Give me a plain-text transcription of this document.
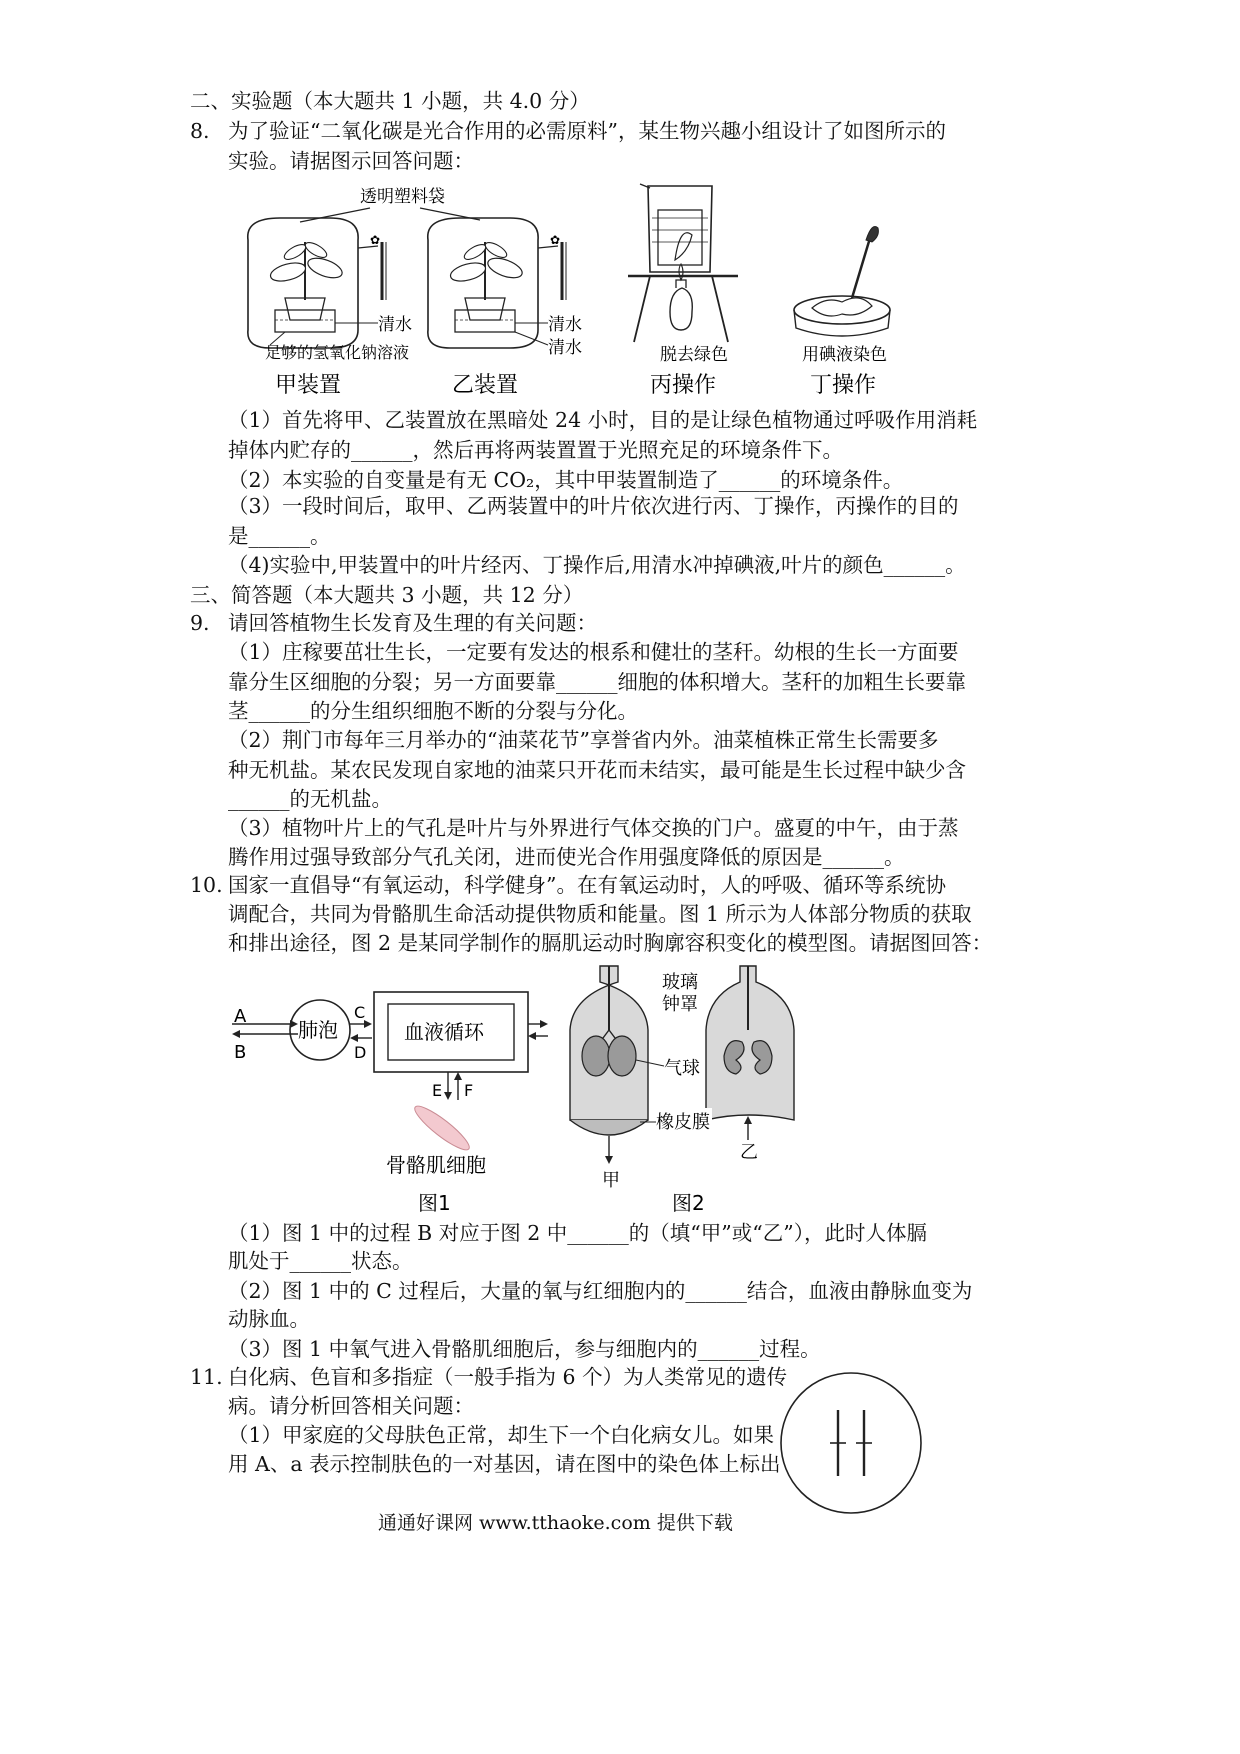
二、实验题（本大题共 1 小题，共 4.0 分）
8. 为了验证“二氧化碳是光合作用的必需原料”，某生物兴趣小组设计了如图所示的
实验。请据图示回答问题：
透明塑料袋
✿
清水
足够的氢氧化钠溶液
✿
清水
清水	脱去绿色	用碘液染色
甲装置	乙装置	丙操作	丁操作
（1）首先将甲、乙装置放在黑暗处 24 小时，目的是让绿色植物通过呼吸作用消耗
掉体内贮存的______，然后再将两装置置于光照充足的环境条件下。
（2）本实验的自变量是有无 CO₂，其中甲装置制造了______的环境条件。
（3）一段时间后，取甲、乙两装置中的叶片依次进行丙、丁操作，丙操作的目的
是______。
（4)实验中,甲装置中的叶片经丙、丁操作后,用清水冲掉碘液,叶片的颜色______。
三、简答题（本大题共 3 小题，共 12 分）
9. 请回答植物生长发育及生理的有关问题：
（1）庄稼要茁壮生长，一定要有发达的根系和健壮的茎秆。幼根的生长一方面要
靠分生区细胞的分裂；另一方面要靠______细胞的体积增大。茎秆的加粗生长要靠
茎______的分生组织细胞不断的分裂与分化。
（2）荆门市每年三月举办的“油菜花节”享誉省内外。油菜植株正常生长需要多
种无机盐。某农民发现自家地的油菜只开花而未结实，最可能是生长过程中缺少含
______的无机盐。
（3）植物叶片上的气孔是叶片与外界进行气体交换的门户。盛夏的中午，由于蒸
腾作用过强导致部分气孔关闭，进而使光合作用强度降低的原因是______。
10. 国家一直倡导“有氧运动，科学健身”。在有氧运动时，人的呼吸、循环等系统协
调配合，共同为骨骼肌生命活动提供物质和能量。图 1 所示为人体部分物质的获取
和排出途径，图 2 是某同学制作的膈肌运动时胸廓容积变化的模型图。请据图回答：
A
B
肺泡
C
D
血液循环
E F
骨骼肌细胞
图1
玻璃
钟罩
气球
橡皮膜
甲
乙
图2
（1）图 1 中的过程 B 对应于图 2 中______的（填“甲”或“乙”），此时人体膈
肌处于______状态。
（2）图 1 中的 C 过程后，大量的氧与红细胞内的______结合，血液由静脉血变为
动脉血。
（3）图 1 中氧气进入骨骼肌细胞后，参与细胞内的______过程。
11. 白化病、色盲和多指症（一般手指为 6 个）为人类常见的遗传
病。请分析回答相关问题：
（1）甲家庭的父母肤色正常，却生下一个白化病女儿。如果
用 A、a 表示控制肤色的一对基因，请在图中的染色体上标出
通通好课网 www.tthaoke.com 提供下载
